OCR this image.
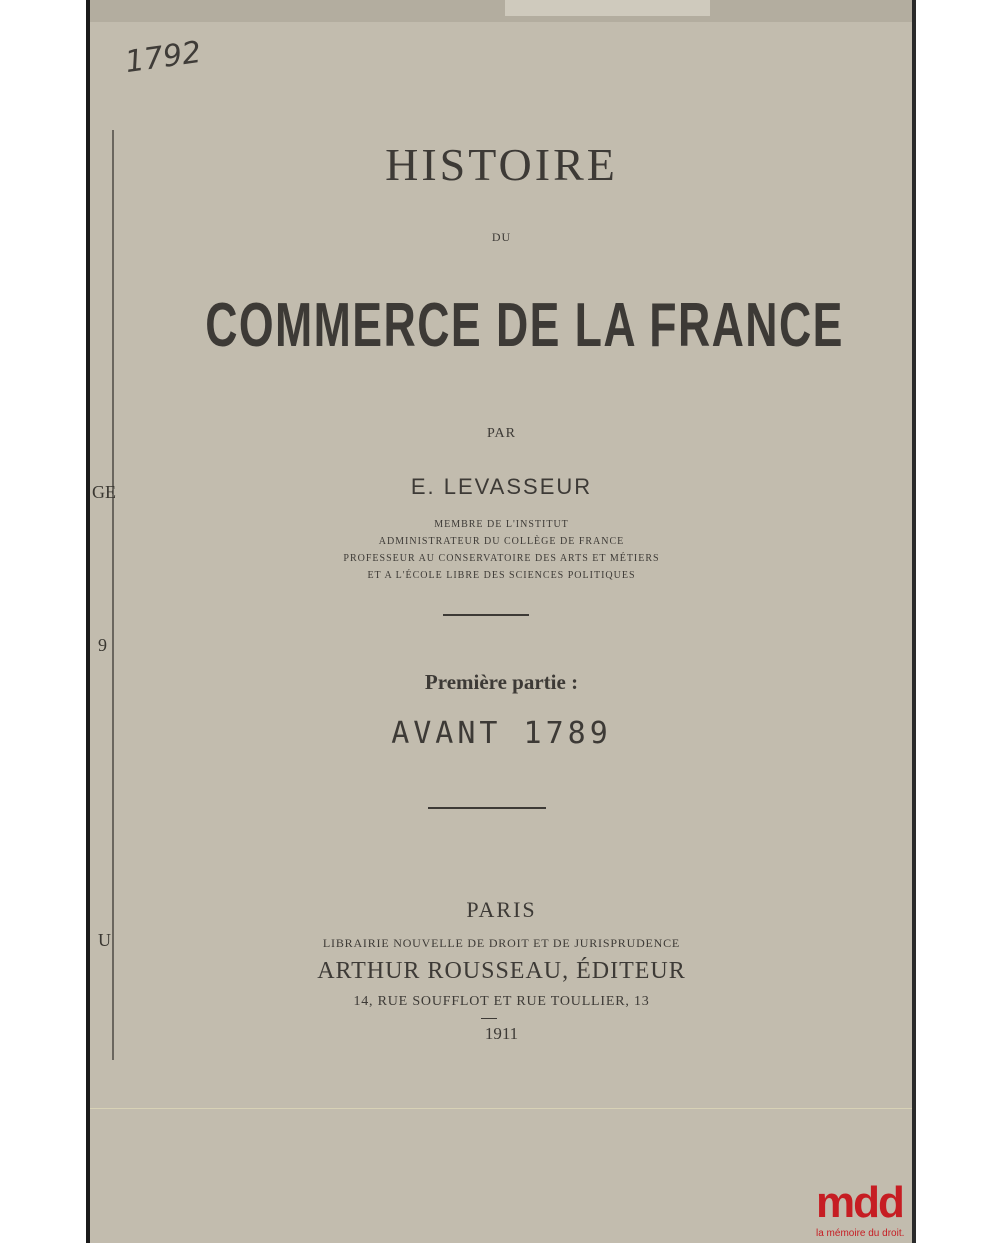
GE
9
U
1792
HISTOIRE
DU
COMMERCE DE LA FRANCE
PAR
E. LEVASSEUR
MEMBRE DE L'INSTITUT
ADMINISTRATEUR DU COLLÈGE DE FRANCE
PROFESSEUR AU CONSERVATOIRE DES ARTS ET MÉTIERS
ET A L'ÉCOLE LIBRE DES SCIENCES POLITIQUES
Première partie :
AVANT 1789
PARIS
LIBRAIRIE NOUVELLE DE DROIT ET DE JURISPRUDENCE
ARTHUR ROUSSEAU, ÉDITEUR
14, RUE SOUFFLOT ET RUE TOULLIER, 13
1911
mdd
la mémoire du droit.
